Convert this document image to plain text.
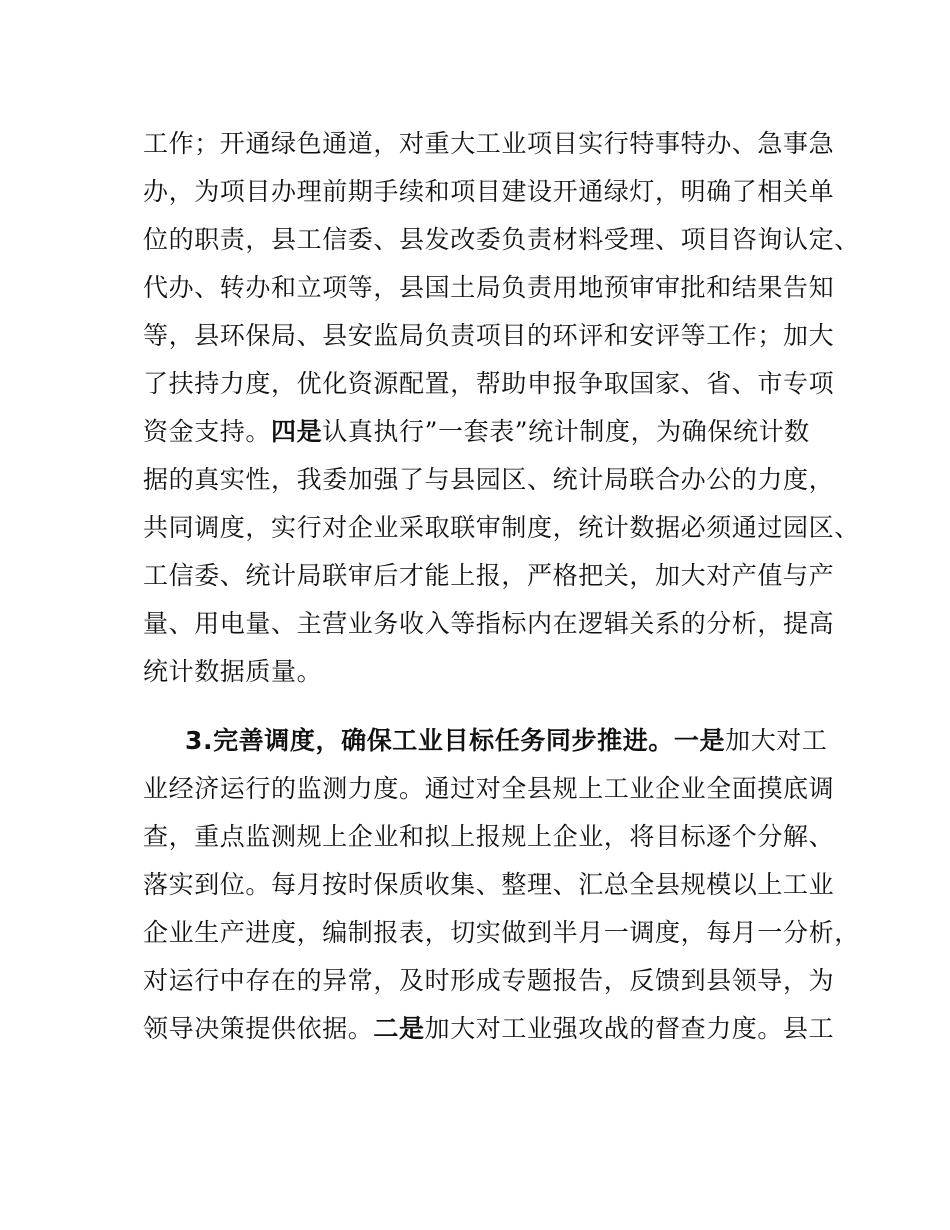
工作；开通绿色通道，对重大工业项目实行特事特办、急事急
办，为项目办理前期手续和项目建设开通绿灯，明确了相关单
位的职责，县工信委、县发改委负责材料受理、项目咨询认定、
代办、转办和立项等，县国土局负责用地预审审批和结果告知
等，县环保局、县安监局负责项目的环评和安评等工作；加大
了扶持力度，优化资源配置，帮助申报争取国家、省、市专项
资金支持。四是认真执行”一套表”统计制度，为确保统计数
据的真实性，我委加强了与县园区、统计局联合办公的力度，
共同调度，实行对企业采取联审制度，统计数据必须通过园区、
工信委、统计局联审后才能上报，严格把关，加大对产值与产
量、用电量、主营业务收入等指标内在逻辑关系的分析，提高
统计数据质量。
3.完善调度，确保工业目标任务同步推进。一是加大对工
业经济运行的监测力度。通过对全县规上工业企业全面摸底调
查，重点监测规上企业和拟上报规上企业，将目标逐个分解、
落实到位。每月按时保质收集、整理、汇总全县规模以上工业
企业生产进度，编制报表，切实做到半月一调度，每月一分析，
对运行中存在的异常，及时形成专题报告，反馈到县领导，为
领导决策提供依据。二是加大对工业强攻战的督查力度。县工
